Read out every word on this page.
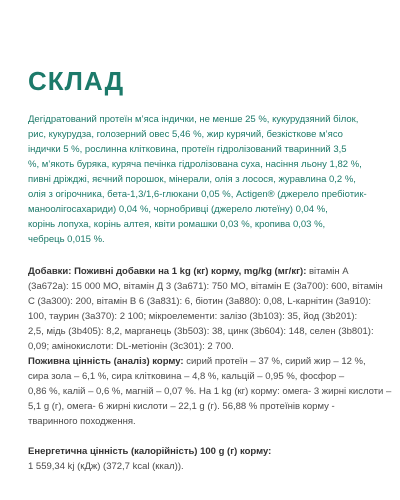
СКЛАД

Дегідратований протеїн м’яса індички, не менше 25 %, кукурудзяний білок,
рис, кукурудза, голозерний овес 5,46 %, жир курячий, безкісткове м’ясо
індички 5 %, рослинна клітковина, протеїн гідролізований тваринний 3,5
%, м’якоть буряка, куряча печінка гідролізована суха, насіння льону 1,82 %,
пивні дріжджі, яєчний порошок, мінерали, олія з лосося, журавлина 0,2 %,
олія з огірочника, бета-1,3/1,6-глюкани 0,05 %, Actigen® (джерело пребіотик-
маноолігосахариди) 0,04 %, чорнобривці (джерело лютеїну) 0,04 %,
корінь лопуха, корінь алтея, квіти ромашки 0,03 %, кропива 0,03 %,
чебрець 0,015 %.

Добавки: Поживні добавки на 1 kg (кг) корму, mg/kg (мг/кг): вітамін А
(3а672а): 15 000 МО, вітамін Д 3 (3а671): 750 МО, вітамін Е (3а700): 600, вітамін
С (3а300): 200, вітамін В 6 (3а831): 6, біотин (3а880): 0,08, L-карнітин (3а910):
100, таурин (3а370): 2 100; мікроелементи: залізо (3b103): 35, йод (3b201):
2,5, мідь (3b405): 8,2, марганець (3b503): 38, цинк (3b604): 148, селен (3b801):
0,09; амінокислоти: DL-метіонін (3c301): 2 700.
Поживна цінність (аналіз) корму: сирий протеїн – 37 %, сирий жир – 12 %,
сира зола – 6,1 %, сира клітковина – 4,8 %, кальцій – 0,95 %, фосфор –
0,86 %, калій – 0,6 %, магній – 0,07 %. На 1 kg (кг) корму: омега- 3 жирні кислоти –
5,1 g (г), омега- 6 жирні кислоти – 22,1 g (г). 56,88 % протеїнів корму -
тваринного походження.
Енергетична цінність (калорійність) 100 g (г) корму:
1 559,34 kj (кДж) (372,7 kcal (ккал)).
